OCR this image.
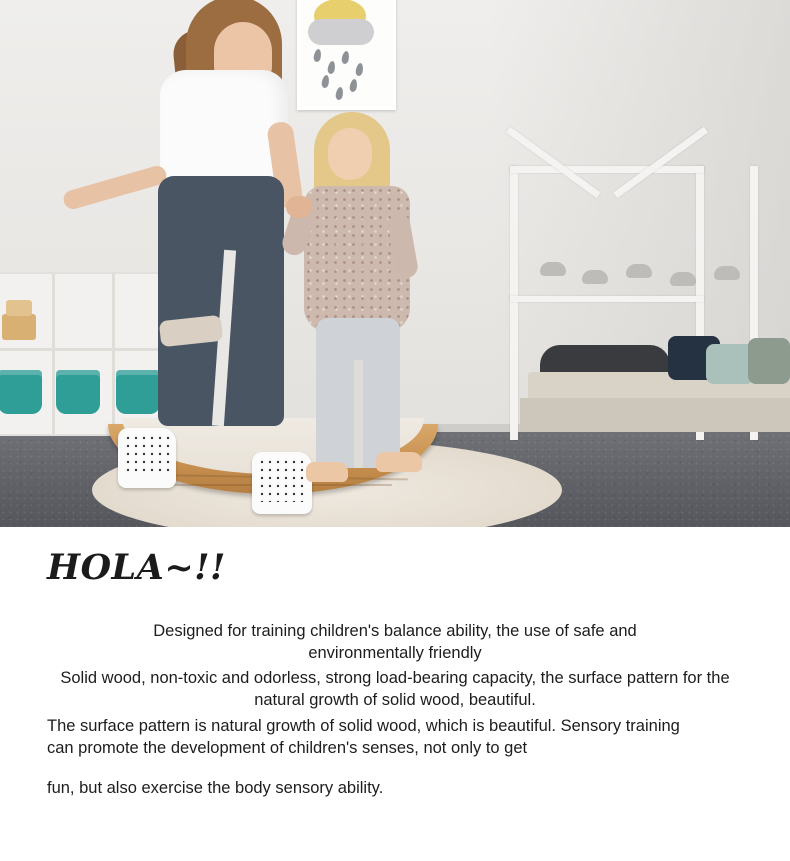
HOLA~!!
Designed for training children's balance ability, the use of safe and environmentally friendly
Solid wood, non-toxic and odorless, strong load-bearing capacity, the surface pattern for the natural growth of solid wood, beautiful.
The surface pattern is natural growth of solid wood, which is beautiful. Sensory training can promote the development of children's senses, not only to get
fun, but also exercise the body sensory ability.
